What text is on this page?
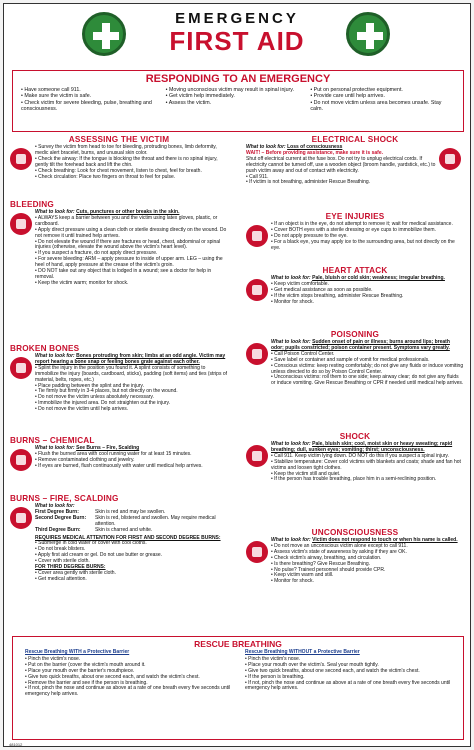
EMERGENCY
FIRST AID
RESPONDING TO AN EMERGENCY
• Have someone call 911.
• Make sure the victim is safe.
• Check victim for severe bleeding, pulse, breathing and consciousness.
• Moving unconscious victim may result in spinal injury.
• Get victim help immediately.
• Assess the victim.
• Put on personal protective equipment.
• Provide care until help arrives.
• Do not move victim unless area becomes unsafe. Stay calm.
ASSESSING THE VICTIM
• Survey the victim from head to toe for bleeding, protruding bones, limb deformity, medic alert bracelet, burns, and unusual skin color.
• Check the airway: If the tongue is blocking the throat and there is no spinal injury, gently tilt the forehead back and lift the chin.
• Check breathing: Look for chest movement, listen to chest, feel for breath.
• Check circulation: Place two fingers on throat to feel for pulse.
BLEEDING
What to look for: Cuts, punctures or other breaks in the skin.
• ALWAYS keep a barrier between you and the victim using latex gloves, plastic, or cardboard.
• Apply direct pressure using a clean cloth or sterile dressing directly on the wound. Do not remove it until trained help arrives.
• Do not elevate the wound if there are fractures or head, chest, abdominal or spinal injuries (otherwise, elevate the wound above the victim's heart level).
• If you suspect a fracture, do not apply direct pressure.
• For severe bleeding: ARM – apply pressure to inside of upper arm. LEG – using the heel of hand, apply pressure at the crease of the victim's groin.
• DO NOT take out any object that is lodged in a wound; see a doctor for help in removal.
• Keep the victim warm; monitor for shock.
BROKEN BONES
What to look for: Bones protruding from skin; limbs at an odd angle. Victim may report hearing a bone snap or feeling bones grate against each other.
• Splint the injury in the position you found it. A splint consists of something to immobilize the injury (boards, cardboard, sticks), padding (soft items) and ties (strips of material, belts, ropes, etc.)
• Place padding between the splint and the injury.
• Tie firmly but firmly in 3-4 places, but not directly on the wound.
• Do not move the victim unless absolutely necessary.
• Immobilize the injured area. Do not straighten out the injury.
• Do not move the victim until help arrives.
BURNS – CHEMICAL
What to look for: See Burns – Fire, Scalding
• Flush the burned area with cool running water for at least 15 minutes.
• Remove contaminated clothing and jewelry.
• If eyes are burned, flush continuously with water until medical help arrives.
BURNS – FIRE, SCALDING
What to look for:
First Degree Burn:	Skin is red and may be swollen.
Second Degree Burn:	Skin is red, blistered and swollen. May require medical attention.
Third Degree Burn:	Skin is charred and white.
REQUIRES MEDICAL ATTENTION FOR FIRST AND SECOND DEGREE BURNS:
• Submerge in cold water or cover with cool cloths.
• Do not break blisters.
• Apply first aid cream or gel. Do not use butter or grease.
• Cover with sterile cloth.
FOR THIRD DEGREE BURNS:
• Cover area gently with sterile cloth.
• Get medical attention.
ELECTRICAL SHOCK
What to look for: Loss of consciousness
WAIT! – Before providing assistance, make sure it is safe.
Shut off electrical current at the fuse box. Do not try to unplug electrical cords. If electricity cannot be turned off, use a wooden object (broom handle, yardstick, etc.) to push victim away and out of contact with electricity.
• Call 911.
• If victim is not breathing, administer Rescue Breathing.
EYE INJURIES
• If an object is in the eye, do not attempt to remove it; wait for medical assistance.
• Cover BOTH eyes with a sterile dressing or eye cups to immobilize them.
• Do not apply pressure to the eye.
• For a black eye, you may apply ice to the surrounding area, but not directly on the eye.
HEART ATTACK
What to look for: Pale, bluish or cold skin; weakness; irregular breathing.
• Keep victim comfortable.
• Get medical assistance as soon as possible.
• If the victim stops breathing, administer Rescue Breathing.
• Monitor for shock.
POISONING
What to look for: Sudden onset of pain or illness; burns around lips; breath odor; pupils constricted; poison container present. Symptoms vary greatly.
• Call Poison Control Center.
• Save label or container and sample of vomit for medical professionals.
• Conscious victims: keep resting comfortably; do not give any fluids or induce vomiting unless directed to do so by Poison Control Center.
• Unconscious victims: roll them to one side; keep airway clear; do not give any fluids or induce vomiting. Give Rescue Breathing or CPR if needed until medical help arrives.
SHOCK
What to look for: Pale, bluish skin; cool, moist skin or heavy sweating; rapid breathing; dull, sunken eyes; vomiting; thirst; unconsciousness.
• Call 911. Keep victim lying down. DO NOT do this if you suspect a spinal injury.
• Stabilize temperature: Cover cold victims with blankets and coats; shade and fan hot victims and loosen tight clothes.
• Keep the victim still and quiet.
• If the person has trouble breathing, place him in a semi-reclining position.
UNCONSCIOUSNESS
What to look for: Victim does not respond to touch or when his name is called.
• Do not move an unconscious victim alone except to call 911.
• Assess victim's state of awareness by asking if they are OK.
• Check victim's airway, breathing, and circulation.
• Is there breathing? Give Rescue Breathing.
• No pulse? Trained personnel should provide CPR.
• Keep victim warm and still.
• Monitor for shock.
RESCUE BREATHING
Rescue Breathing WITH a Protective Barrier
• Pinch the victim's nose.
• Put on the barrier (cover the victim's mouth around it.
• Place your mouth over the barrier's mouthpiece.
• Give two quick breaths, about one second each, and watch the victim's chest.
• Remove the barrier and see if the person is breathing.
• If not, pinch the nose and continue as above at a rate of one breath every five seconds until emergency help arrives.
Rescue Breathing WITHOUT a Protective Barrier
• Pinch the victim's nose.
• Place your mouth over the victim's. Seal your mouth tightly.
• Give two quick breaths, about one second each, and watch the victim's chest.
• If the person is breathing.
• If not, pinch the nose and continue as above at a rate of one breath every five seconds until emergency help arrives.
481012
